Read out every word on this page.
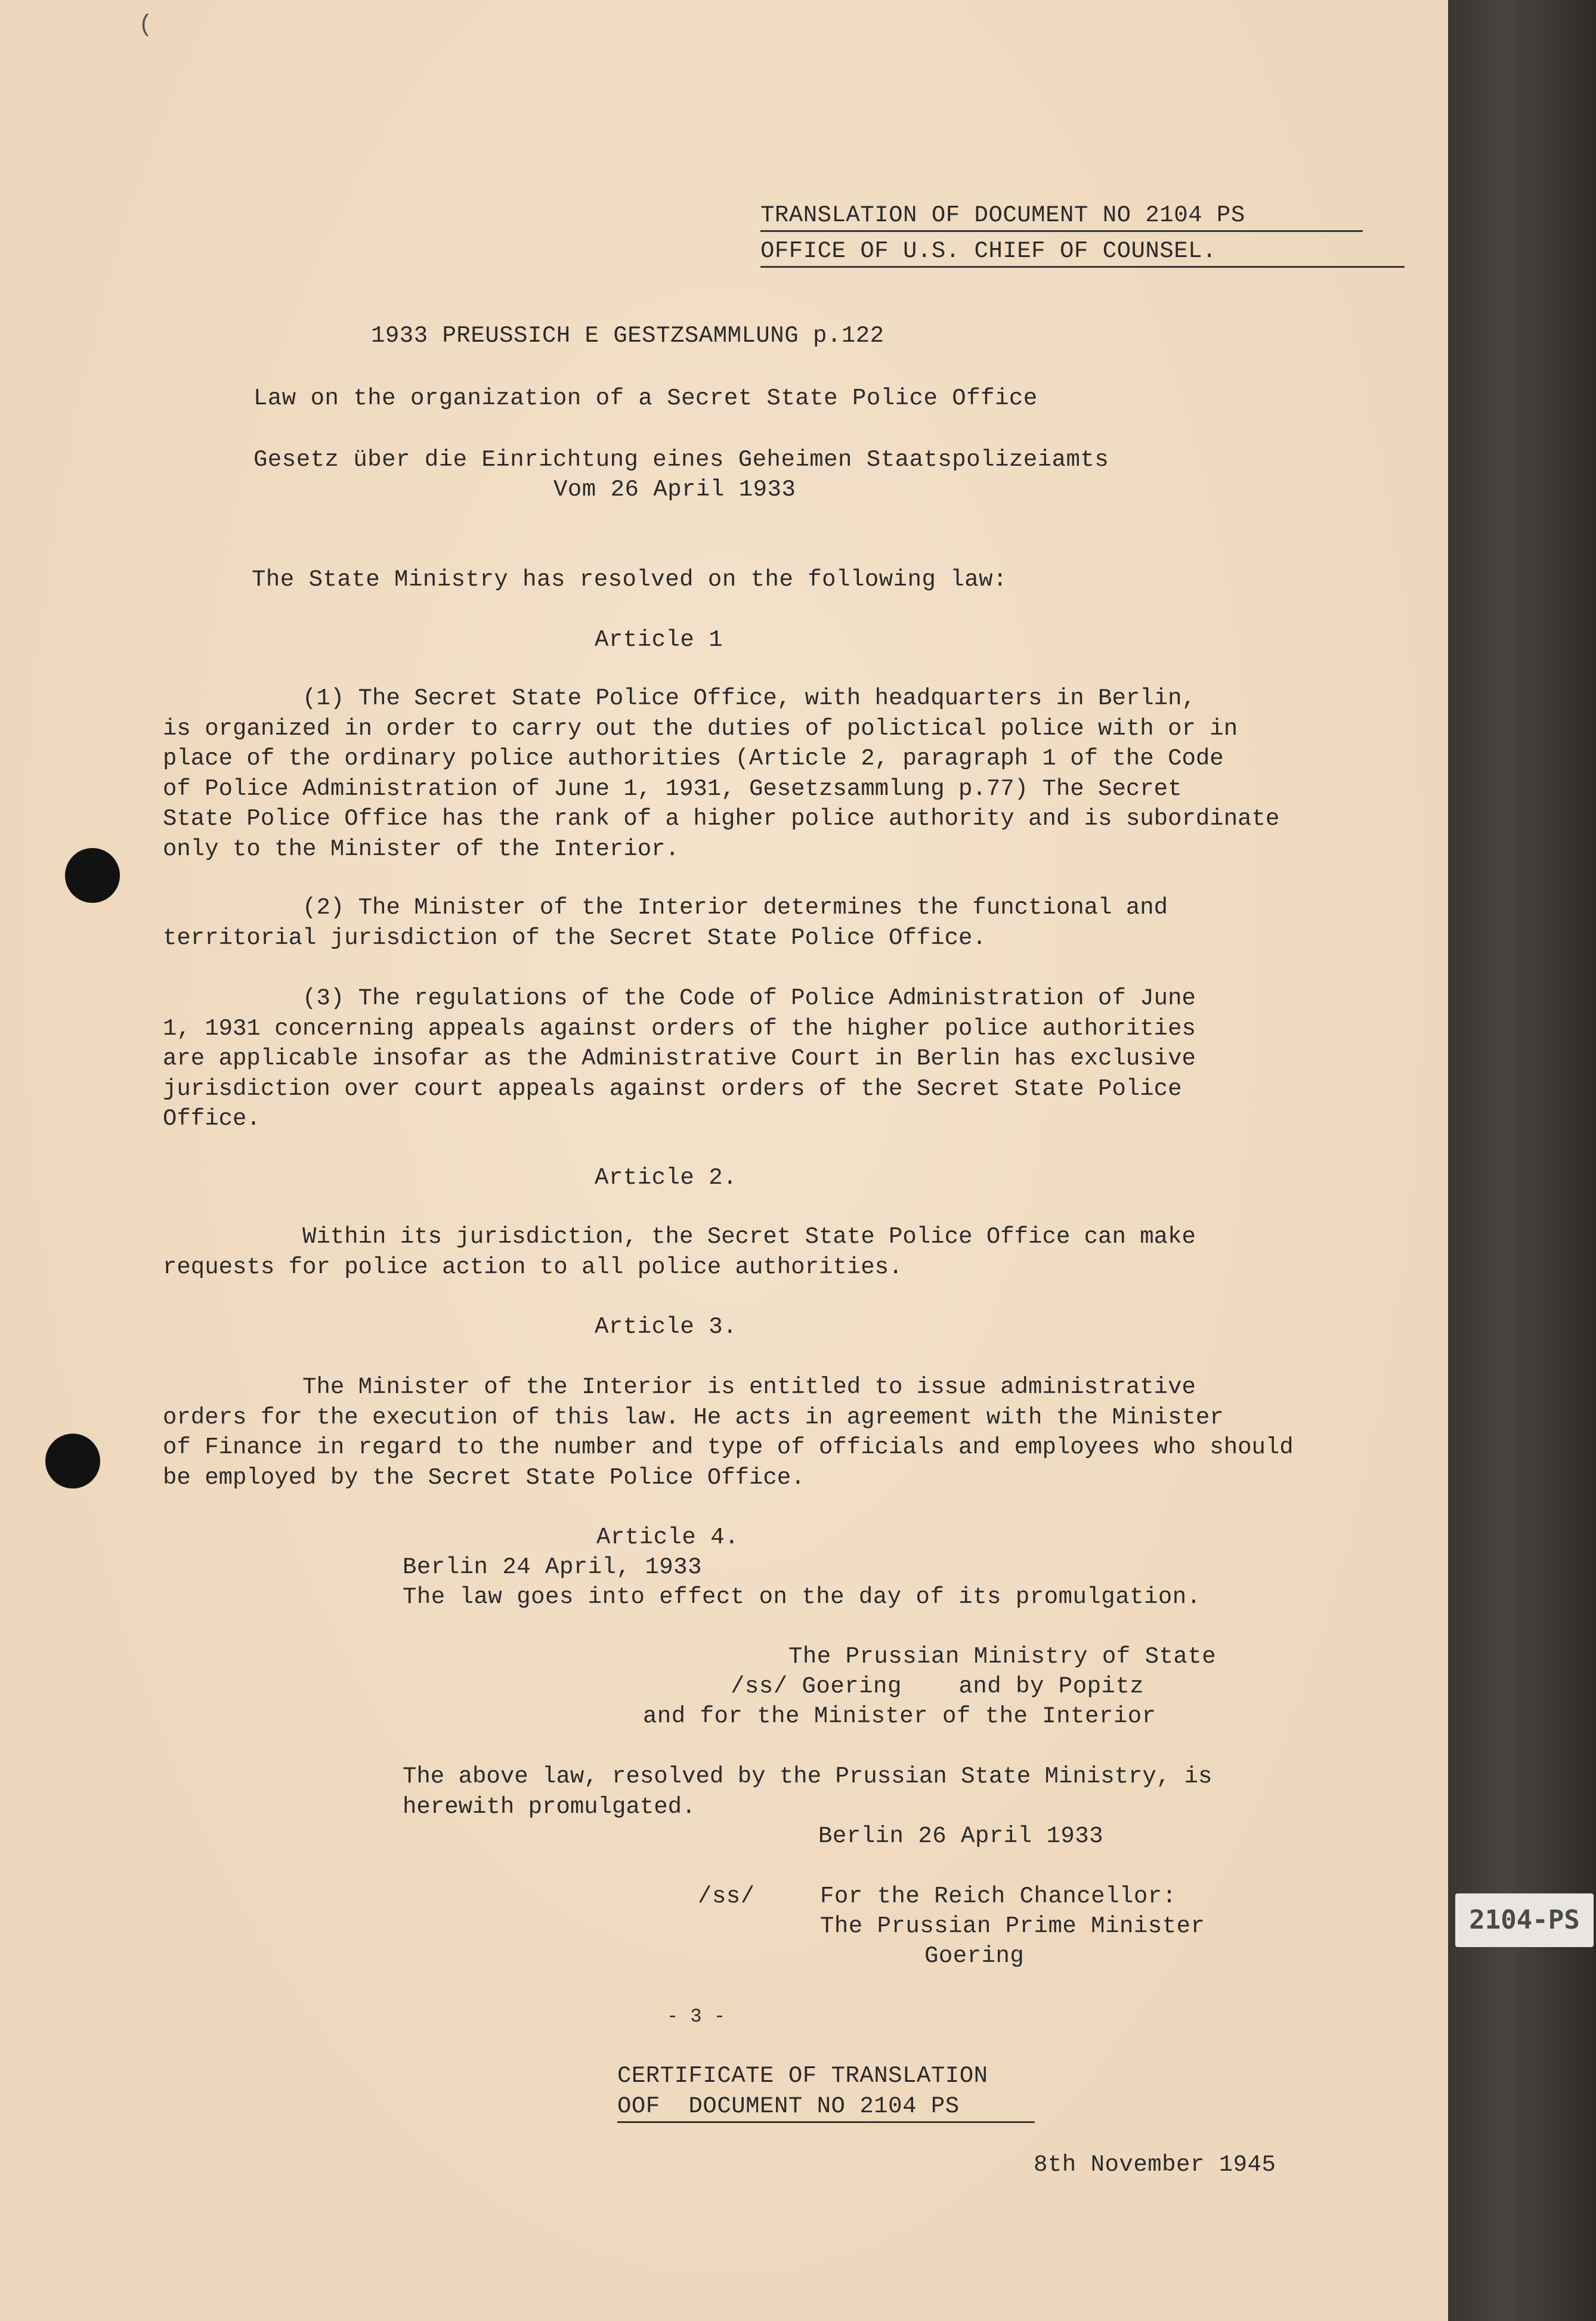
(
TRANSLATION OF DOCUMENT NO 2104 PS
OFFICE OF U.S. CHIEF OF COUNSEL.
1933 PREUSSICH E GESTZSAMMLUNG p.122
Law on the organization of a Secret State Police Office
Gesetz über die Einrichtung eines Geheimen Staatspolizeiamts
Vom 26 April 1933
The State Ministry has resolved on the following law:
Article 1
(1) The Secret State Police Office, with headquarters in Berlin,
is organized in order to carry out the duties of polictical police with or in
place of the ordinary police authorities (Article 2, paragraph 1 of the Code
of Police Administration of June 1, 1931, Gesetzsammlung p.77) The Secret
State Police Office has the rank of a higher police authority and is subordinate
only to the Minister of the Interior.
(2) The Minister of the Interior determines the functional and
territorial jurisdiction of the Secret State Police Office.
(3) The regulations of the Code of Police Administration of June
1, 1931 concerning appeals against orders of the higher police authorities
are applicable insofar as the Administrative Court in Berlin has exclusive
jurisdiction over court appeals against orders of the Secret State Police
Office.
Article 2.
Within its jurisdiction, the Secret State Police Office can make
requests for police action to all police authorities.
Article 3.
The Minister of the Interior is entitled to issue administrative
orders for the execution of this law. He acts in agreement with the Minister
of Finance in regard to the number and type of officials and employees who should
be employed by the Secret State Police Office.
Article 4.
Berlin 24 April, 1933
The law goes into effect on the day of its promulgation.
The Prussian Ministry of State
/ss/ Goering    and by Popitz
and for the Minister of the Interior
The above law, resolved by the Prussian State Ministry, is
herewith promulgated.
Berlin 26 April 1933
/ss/	For the Reich Chancellor:
The Prussian Prime Minister
Goering
- 3 -
CERTIFICATE OF TRANSLATION
OOF  DOCUMENT NO 2104 PS
8th November 1945
2104-PS
